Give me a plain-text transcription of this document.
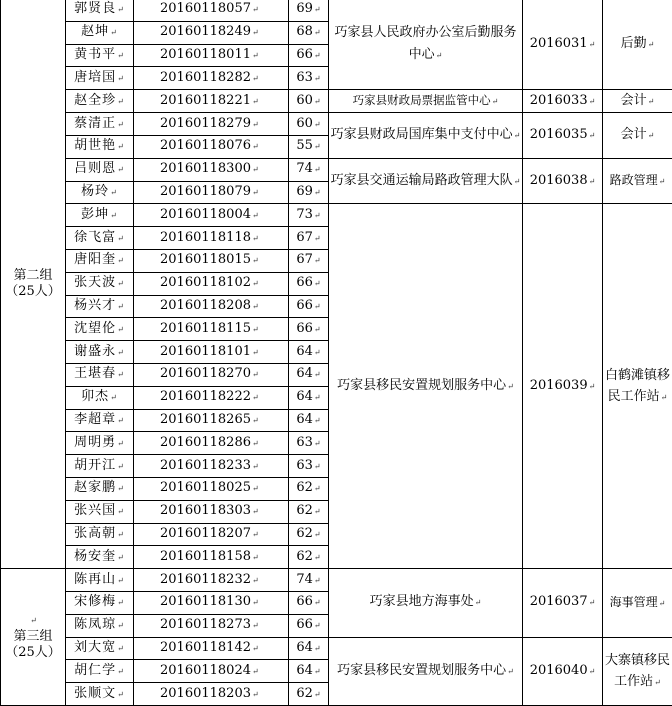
第二组
（25人）	郭贤良↵	20160118057↵	69↵	巧家县人民政府办公室后勤服务中心↵	2016031↵	后勤↵
	赵坤↵	20160118249↵	68↵			
	黄书平↵	20160118011↵	66↵			
	唐培国↵	20160118282↵	63↵			
	赵全珍↵	20160118221↵	60↵	巧家县财政局票据监管中心↵	2016033↵	会计↵
	蔡清正↵	20160118279↵	60↵	巧家县财政局国库集中支付中心↵	2016035↵	会计↵
	胡世艳↵	20160118076↵	55↵			
	吕则恩↵	20160118300↵	74↵	巧家县交通运输局路政管理大队↵	2016038↵	路政管理↵
	杨玲↵	20160118079↵	69↵			
	彭坤↵	20160118004↵	73↵	巧家县移民安置规划服务中心↵	2016039↵	白鹤滩镇移民工作站↵
	徐飞富↵	20160118118↵	67↵			
	唐阳奎↵	20160118015↵	67↵			
	张天波↵	20160118102↵	66↵			
	杨兴才↵	20160118208↵	66↵			
	沈望伦↵	20160118115↵	66↵			
	谢盛永↵	20160118101↵	64↵			
	王堪春↵	20160118270↵	64↵			
	卯杰↵	20160118222↵	64↵			
	李超章↵	20160118265↵	64↵			
	周明勇↵	20160118286↵	63↵			
	胡开江↵	20160118233↵	63↵			
	赵家鹏↵	20160118025↵	62↵			
	张兴国↵	20160118303↵	62↵			
	张高朝↵	20160118207↵	62↵			
	杨安奎↵	20160118158↵	62↵			

↵
第三组
（25人）	陈再山↵	20160118232↵	74↵	巧家县地方海事处↵	2016037↵	海事管理↵
	宋修梅↵	20160118130↵	66↵			
	陈凤琼↵	20160118273↵	66↵			
	刘大宽↵	20160118142↵	64↵	巧家县移民安置规划服务中心↵	2016040↵	大寨镇移民工作站↵
	胡仁学↵	20160118024↵	64↵			
	张顺文↵	20160118203↵	62↵			
